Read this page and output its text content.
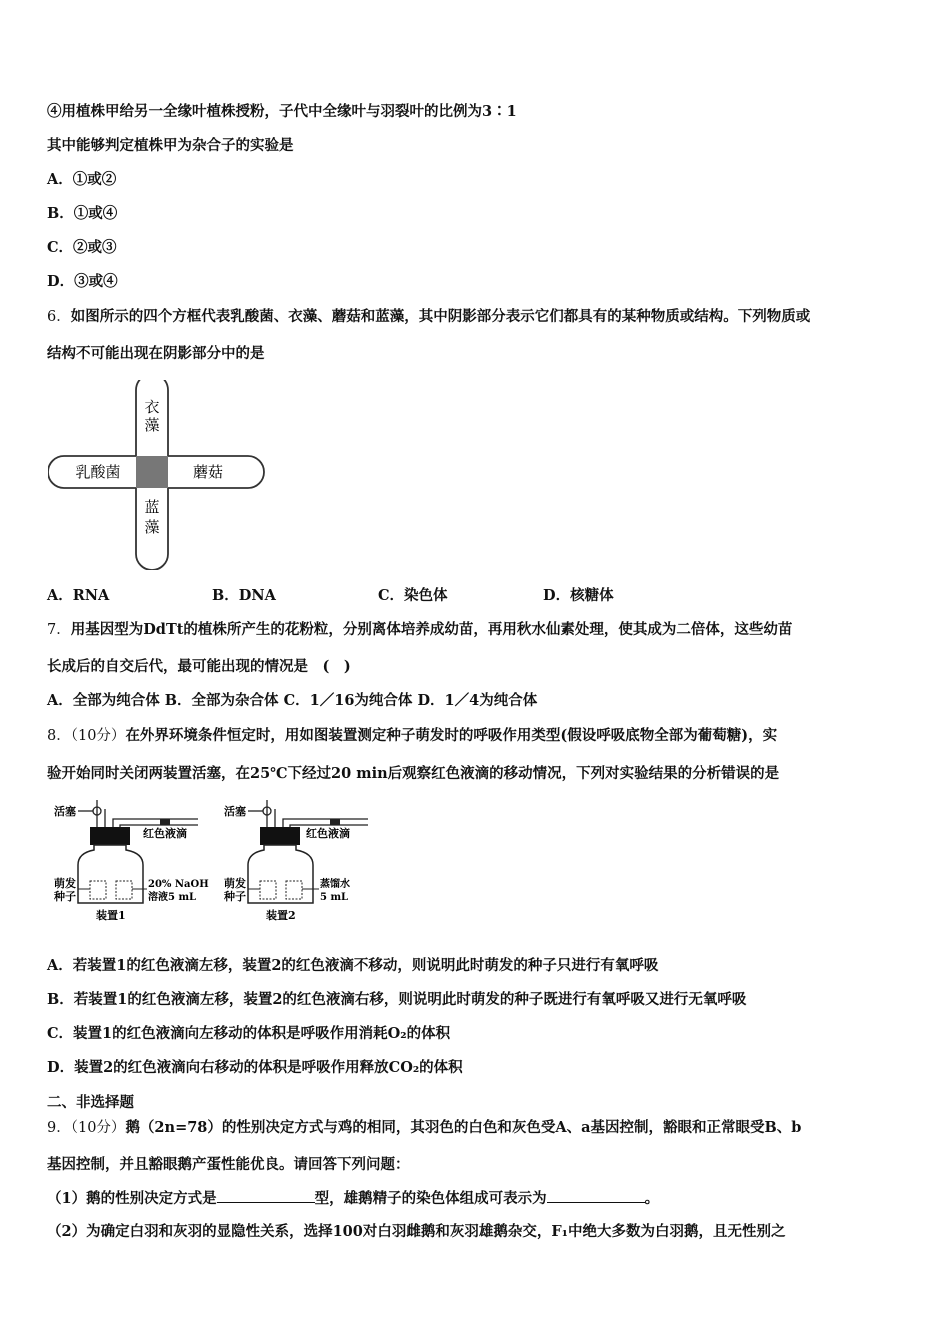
④用植株甲给另一全缘叶植株授粉，子代中全缘叶与羽裂叶的比例为3∶1
其中能够判定植株甲为杂合子的实验是
A．①或②
B．①或④
C．②或③
D．③或④
6．如图所示的四个方框代表乳酸菌、衣藻、蘑菇和蓝藻，其中阴影部分表示它们都具有的某种物质或结构。下列物质或
结构不可能出现在阴影部分中的是
衣
藻
乳酸菌	蘑菇
蓝
藻
A．RNA	B．DNA	C．染色体	D．核糖体
7．用基因型为DdTt的植株所产生的花粉粒，分别离体培养成幼苗，再用秋水仙素处理，使其成为二倍体，这些幼苗
长成后的自交后代，最可能出现的情况是　(　)
A．全部为纯合体 B．全部为杂合体 C．1／16为纯合体 D．1／4为纯合体
8．（10分）在外界环境条件恒定时，用如图装置测定种子萌发时的呼吸作用类型(假设呼吸底物全部为葡萄糖)，实
验开始同时关闭两装置活塞，在25℃下经过20 min后观察红色液滴的移动情况，下列对实验结果的分析错误的是
活塞
红色液滴
萌发
种子
20% NaOH
溶液5 mL
装置1
活塞
红色液滴
萌发
种子
蒸馏水
5 mL
装置2
A．若装置1的红色液滴左移，装置2的红色液滴不移动，则说明此时萌发的种子只进行有氧呼吸
B．若装置1的红色液滴左移，装置2的红色液滴右移，则说明此时萌发的种子既进行有氧呼吸又进行无氧呼吸
C．装置1的红色液滴向左移动的体积是呼吸作用消耗O₂的体积
D．装置2的红色液滴向右移动的体积是呼吸作用释放CO₂的体积
二、非选择题
9．（10分）鹅（2n=78）的性别决定方式与鸡的相同，其羽色的白色和灰色受A、a基因控制，豁眼和正常眼受B、b
基因控制，并且豁眼鹅产蛋性能优良。请回答下列问题：
（1）鹅的性别决定方式是	型，雄鹅精子的染色体组成可表示为	。
（2）为确定白羽和灰羽的显隐性关系，选择100对白羽雌鹅和灰羽雄鹅杂交，F₁中绝大多数为白羽鹅，且无性别之
